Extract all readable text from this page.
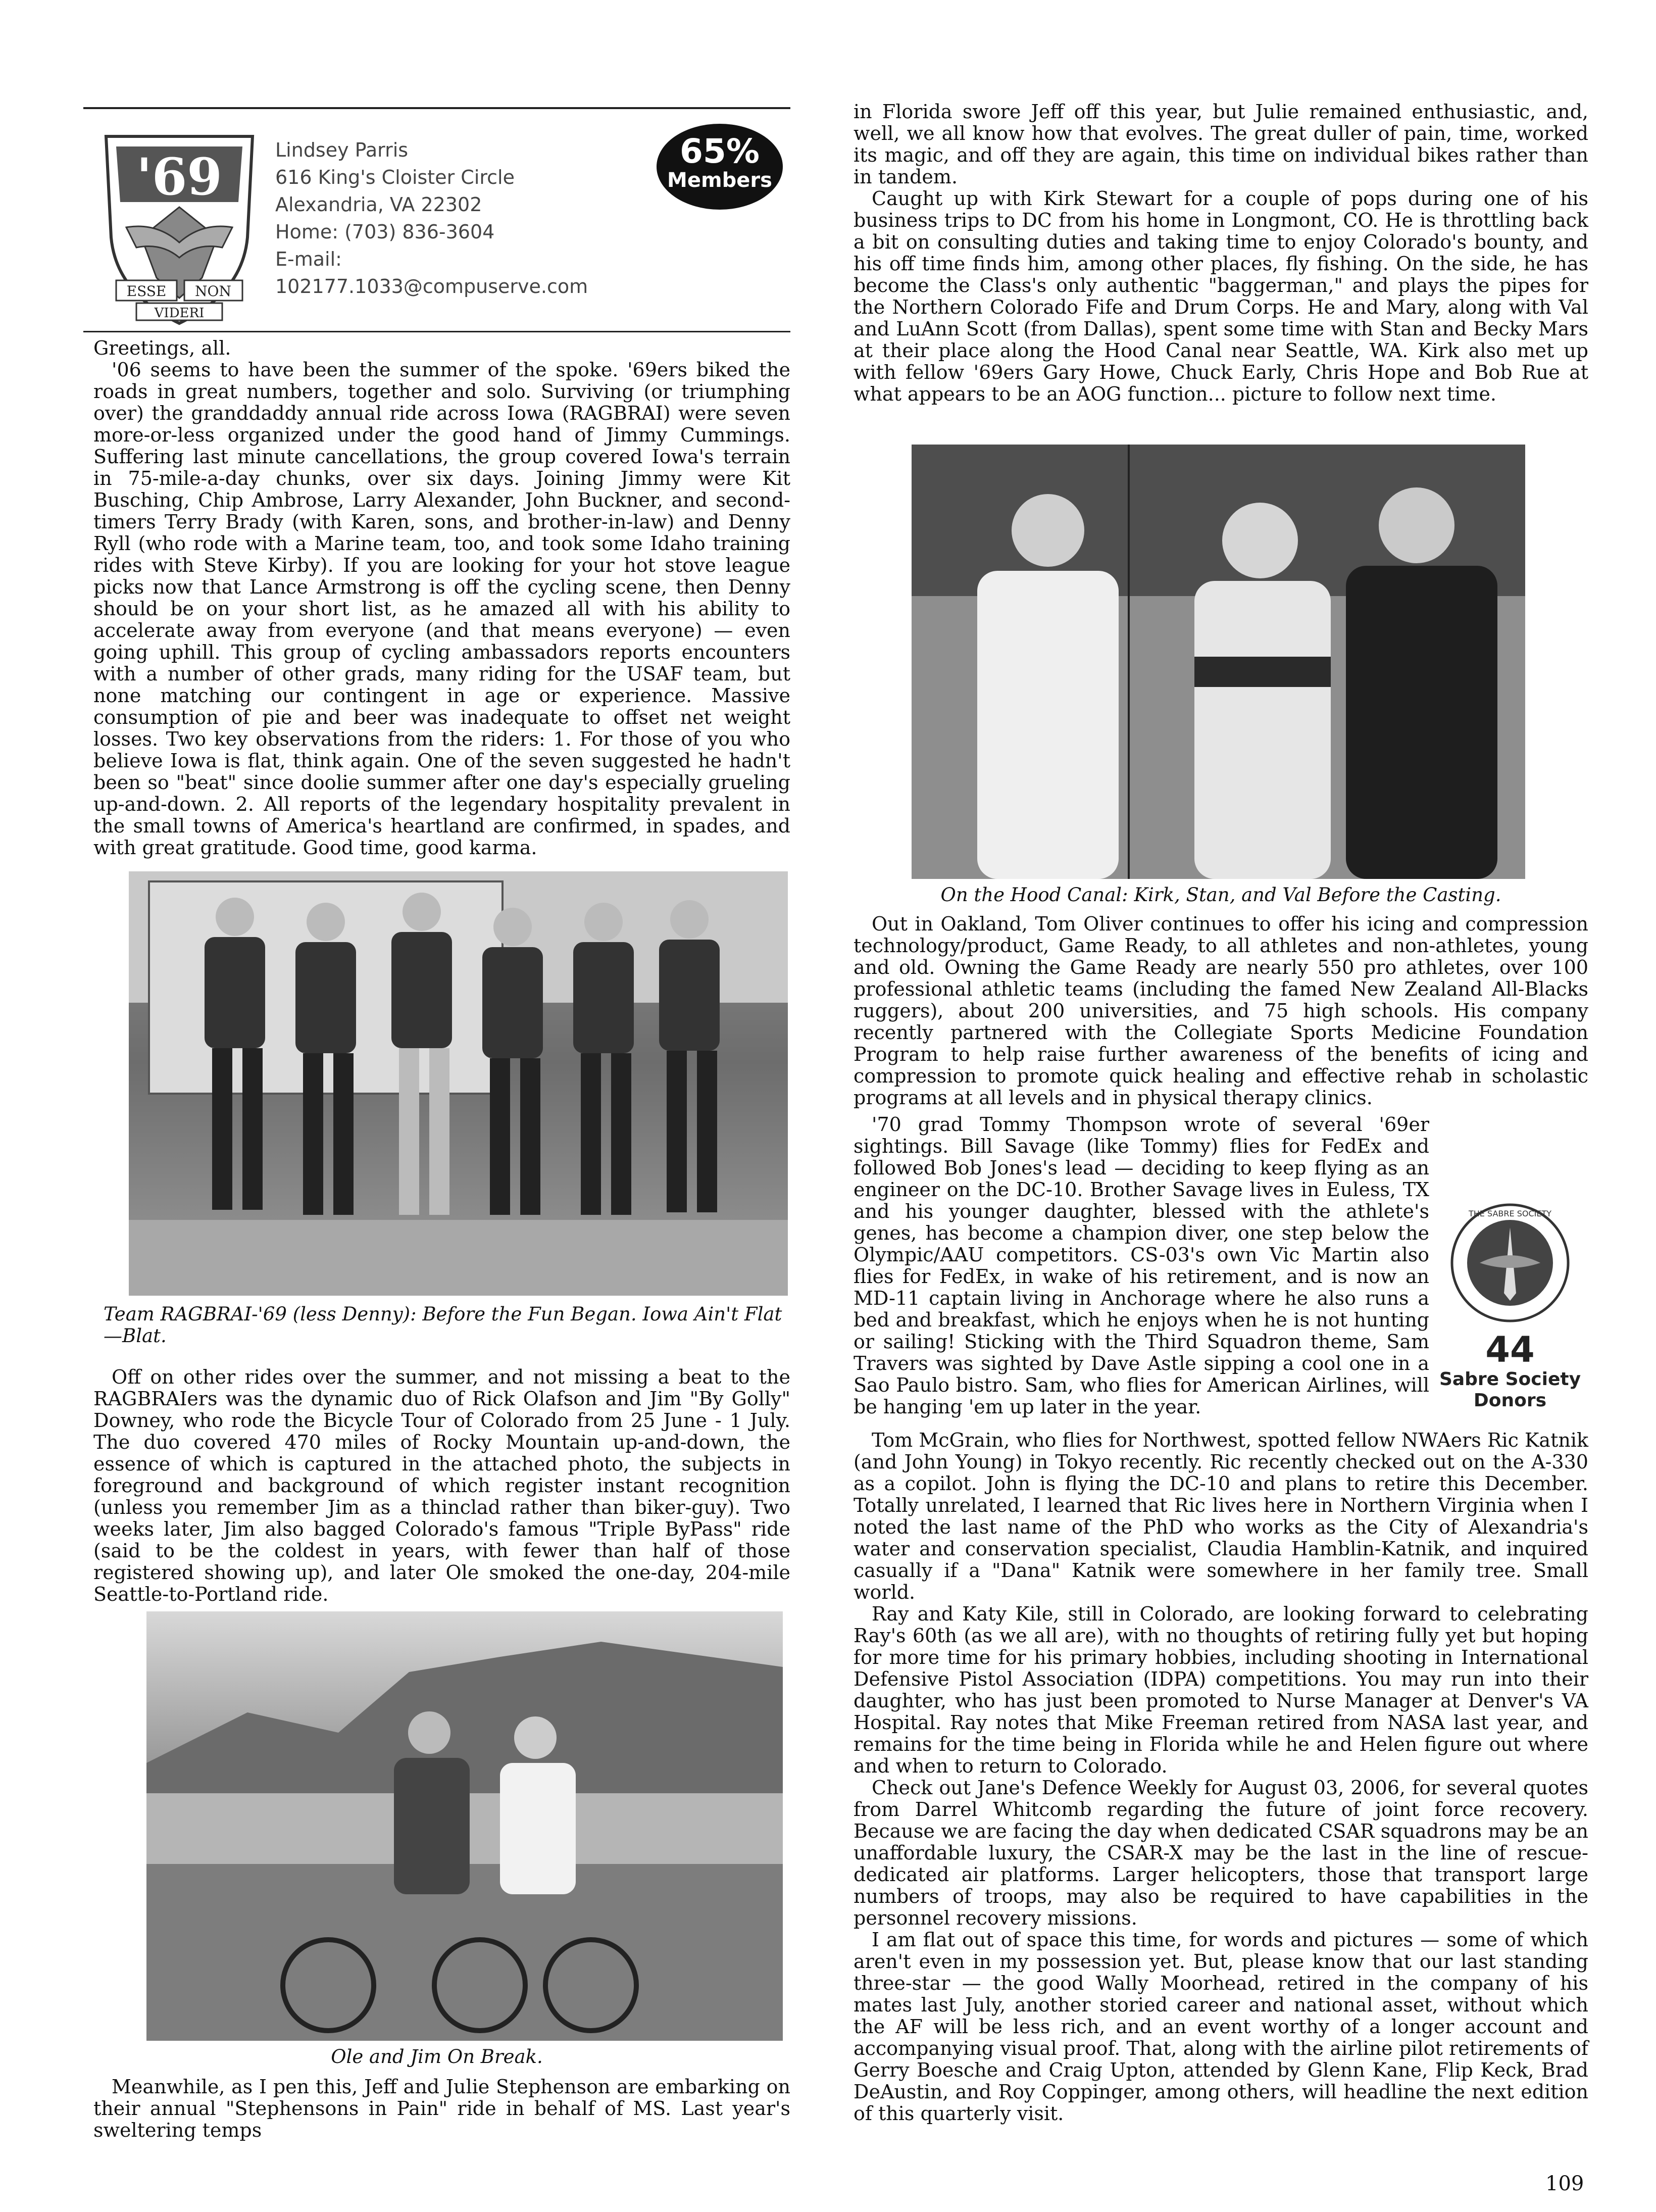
'69
ESSE NON
VIDERI
Lindsey Parris
616 King's Cloister Circle
Alexandria, VA 22302
Home: (703) 836-3604
E-mail:
102177.1033@compuserve.com
65%
Members

Greetings, all.

'06 seems to have been the summer of the spoke. '69ers biked the roads in great numbers, together and solo. Surviving (or triumphing over) the granddaddy annual ride across Iowa (RAGBRAI) were seven more-or-less organized under the good hand of Jimmy Cummings. Suffering last minute cancellations, the group covered Iowa's terrain in 75-mile-a-day chunks, over six days. Joining Jimmy were Kit Busching, Chip Ambrose, Larry Alexander, John Buckner, and second-timers Terry Brady (with Karen, sons, and brother-in-law) and Denny Ryll (who rode with a Marine team, too, and took some Idaho training rides with Steve Kirby). If you are looking for your hot stove league picks now that Lance Armstrong is off the cycling scene, then Denny should be on your short list, as he amazed all with his ability to accelerate away from everyone (and that means everyone) — even going uphill. This group of cycling ambassadors reports encounters with a number of other grads, many riding for the USAF team, but none matching our contingent in age or experience. Massive consumption of pie and beer was inadequate to offset net weight losses. Two key observations from the riders: 1. For those of you who believe Iowa is flat, think again. One of the seven suggested he hadn't been so "beat" since doolie summer after one day's especially grueling up-and-down. 2. All reports of the legendary hospitality prevalent in the small towns of America's heartland are confirmed, in spades, and with great gratitude. Good time, good karma.

Team RAGBRAI-'69 (less Denny): Before the Fun Began. Iowa Ain't Flat—Blat.

Off on other rides over the summer, and not missing a beat to the RAGBRAIers was the dynamic duo of Rick Olafson and Jim "By Golly" Downey, who rode the Bicycle Tour of Colorado from 25 June - 1 July. The duo covered 470 miles of Rocky Mountain up-and-down, the essence of which is captured in the attached photo, the subjects in foreground and background of which register instant recognition (unless you remember Jim as a thinclad rather than biker-guy). Two weeks later, Jim also bagged Colorado's famous "Triple ByPass" ride (said to be the coldest in years, with fewer than half of those registered showing up), and later Ole smoked the one-day, 204-mile Seattle-to-Portland ride.

Ole and Jim On Break.

Meanwhile, as I pen this, Jeff and Julie Stephenson are embarking on their annual "Stephensons in Pain" ride in behalf of MS. Last year's sweltering temps

in Florida swore Jeff off this year, but Julie remained enthusiastic, and, well, we all know how that evolves. The great duller of pain, time, worked its magic, and off they are again, this time on individual bikes rather than in tandem.

Caught up with Kirk Stewart for a couple of pops during one of his business trips to DC from his home in Longmont, CO. He is throttling back a bit on consulting duties and taking time to enjoy Colorado's bounty, and his off time finds him, among other places, fly fishing. On the side, he has become the Class's only authentic "baggerman," and plays the pipes for the Northern Colorado Fife and Drum Corps. He and Mary, along with Val and LuAnn Scott (from Dallas), spent some time with Stan and Becky Mars at their place along the Hood Canal near Seattle, WA. Kirk also met up with fellow '69ers Gary Howe, Chuck Early, Chris Hope and Bob Rue at what appears to be an AOG function... picture to follow next time.

On the Hood Canal: Kirk, Stan, and Val Before the Casting.

Out in Oakland, Tom Oliver continues to offer his icing and compression technology/product, Game Ready, to all athletes and non-athletes, young and old. Owning the Game Ready are nearly 550 pro athletes, over 100 professional athletic teams (including the famed New Zealand All-Blacks ruggers), about 200 universities, and 75 high schools. His company recently partnered with the Collegiate Sports Medicine Foundation Program to help raise further awareness of the benefits of icing and compression to promote quick healing and effective rehab in scholastic programs at all levels and in physical therapy clinics.

'70 grad Tommy Thompson wrote of several '69er sightings. Bill Savage (like Tommy) flies for FedEx and followed Bob Jones's lead — deciding to keep flying as an engineer on the DC-10. Brother Savage lives in Euless, TX and his younger daughter, blessed with the athlete's genes, has become a champion diver, one step below the Olympic/AAU competitors. CS-03's own Vic Martin also flies for FedEx, in wake of his retirement, and is now an MD-11 captain living in Anchorage where he also runs a bed and breakfast, which he enjoys when he is not hunting or sailing! Sticking with the Third Squadron theme, Sam Travers was sighted by Dave Astle sipping a cool one in a Sao Paulo bistro. Sam, who flies for American Airlines, will be hanging 'em up later in the year.

THE SABRE SOCIETY
44
Sabre Society
Donors

Tom McGrain, who flies for Northwest, spotted fellow NWAers Ric Katnik (and John Young) in Tokyo recently. Ric recently checked out on the A-330 as a copilot. John is flying the DC-10 and plans to retire this December. Totally unrelated, I learned that Ric lives here in Northern Virginia when I noted the last name of the PhD who works as the City of Alexandria's water and conservation specialist, Claudia Hamblin-Katnik, and inquired casually if a "Dana" Katnik were somewhere in her family tree. Small world.

Ray and Katy Kile, still in Colorado, are looking forward to celebrating Ray's 60th (as we all are), with no thoughts of retiring fully yet but hoping for more time for his primary hobbies, including shooting in International Defensive Pistol Association (IDPA) competitions. You may run into their daughter, who has just been promoted to Nurse Manager at Denver's VA Hospital. Ray notes that Mike Freeman retired from NASA last year, and remains for the time being in Florida while he and Helen figure out where and when to return to Colorado.

Check out Jane's Defence Weekly for August 03, 2006, for several quotes from Darrel Whitcomb regarding the future of joint force recovery. Because we are facing the day when dedicated CSAR squadrons may be an unaffordable luxury, the CSAR-X may be the last in the line of rescue-dedicated air platforms. Larger helicopters, those that transport large numbers of troops, may also be required to have capabilities in the personnel recovery missions.

I am flat out of space this time, for words and pictures — some of which aren't even in my possession yet. But, please know that our last standing three-star — the good Wally Moorhead, retired in the company of his mates last July, another storied career and national asset, without which the AF will be less rich, and an event worthy of a longer account and accompanying visual proof. That, along with the airline pilot retirements of Gerry Boesche and Craig Upton, attended by Glenn Kane, Flip Keck, Brad DeAustin, and Roy Coppinger, among others, will headline the next edition of this quarterly visit.

109
